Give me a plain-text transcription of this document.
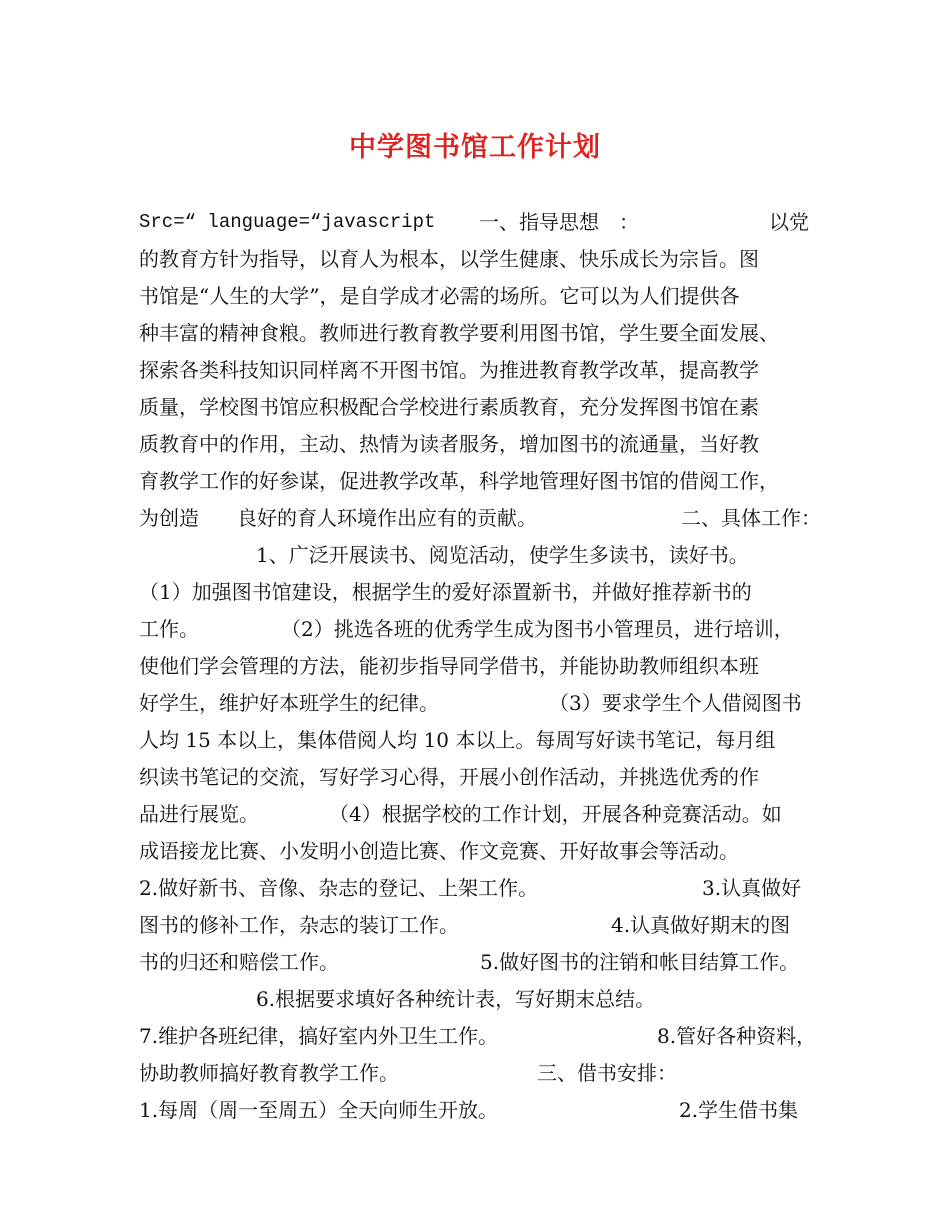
中学图书馆工作计划
Src=“ language=“javascript 一、指导思想 ：	以党
的教育方针为指导，以育人为根本，以学生健康、快乐成长为宗旨。图
书馆是“人生的大学”，是自学成才必需的场所。它可以为人们提供各
种丰富的精神食粮。教师进行教育教学要利用图书馆，学生要全面发展、
探索各类科技知识同样离不开图书馆。为推进教育教学改革，提高教学
质量，学校图书馆应积极配合学校进行素质教育，充分发挥图书馆在素
质教育中的作用，主动、热情为读者服务，增加图书的流通量，当好教
育教学工作的好参谋，促进教学改革，科学地管理好图书馆的借阅工作，
为创造 良好的育人环境作出应有的贡献。	二、具体工作：
1、广泛开展读书、阅览活动，使学生多读书，读好书。
（1）加强图书馆建设，根据学生的爱好添置新书，并做好推荐新书的
工作。	（2）挑选各班的优秀学生成为图书小管理员，进行培训，
使他们学会管理的方法，能初步指导同学借书，并能协助教师组织本班
好学生，维护好本班学生的纪律。	（3）要求学生个人借阅图书
人均 15 本以上，集体借阅人均 10 本以上。每周写好读书笔记，每月组
织读书笔记的交流，写好学习心得，开展小创作活动，并挑选优秀的作
品进行展览。	（4）根据学校的工作计划，开展各种竞赛活动。如
成语接龙比赛、小发明小创造比赛、作文竞赛、开好故事会等活动。
2.做好新书、音像、杂志的登记、上架工作。	3.认真做好
图书的修补工作，杂志的装订工作。	4.认真做好期末的图
书的归还和赔偿工作。	5.做好图书的注销和帐目结算工作。
6.根据要求填好各种统计表，写好期末总结。
7.维护各班纪律，搞好室内外卫生工作。	8.管好各种资料，
协助教师搞好教育教学工作。	三、借书安排：
1.每周（周一至周五）全天向师生开放。	2.学生借书集
